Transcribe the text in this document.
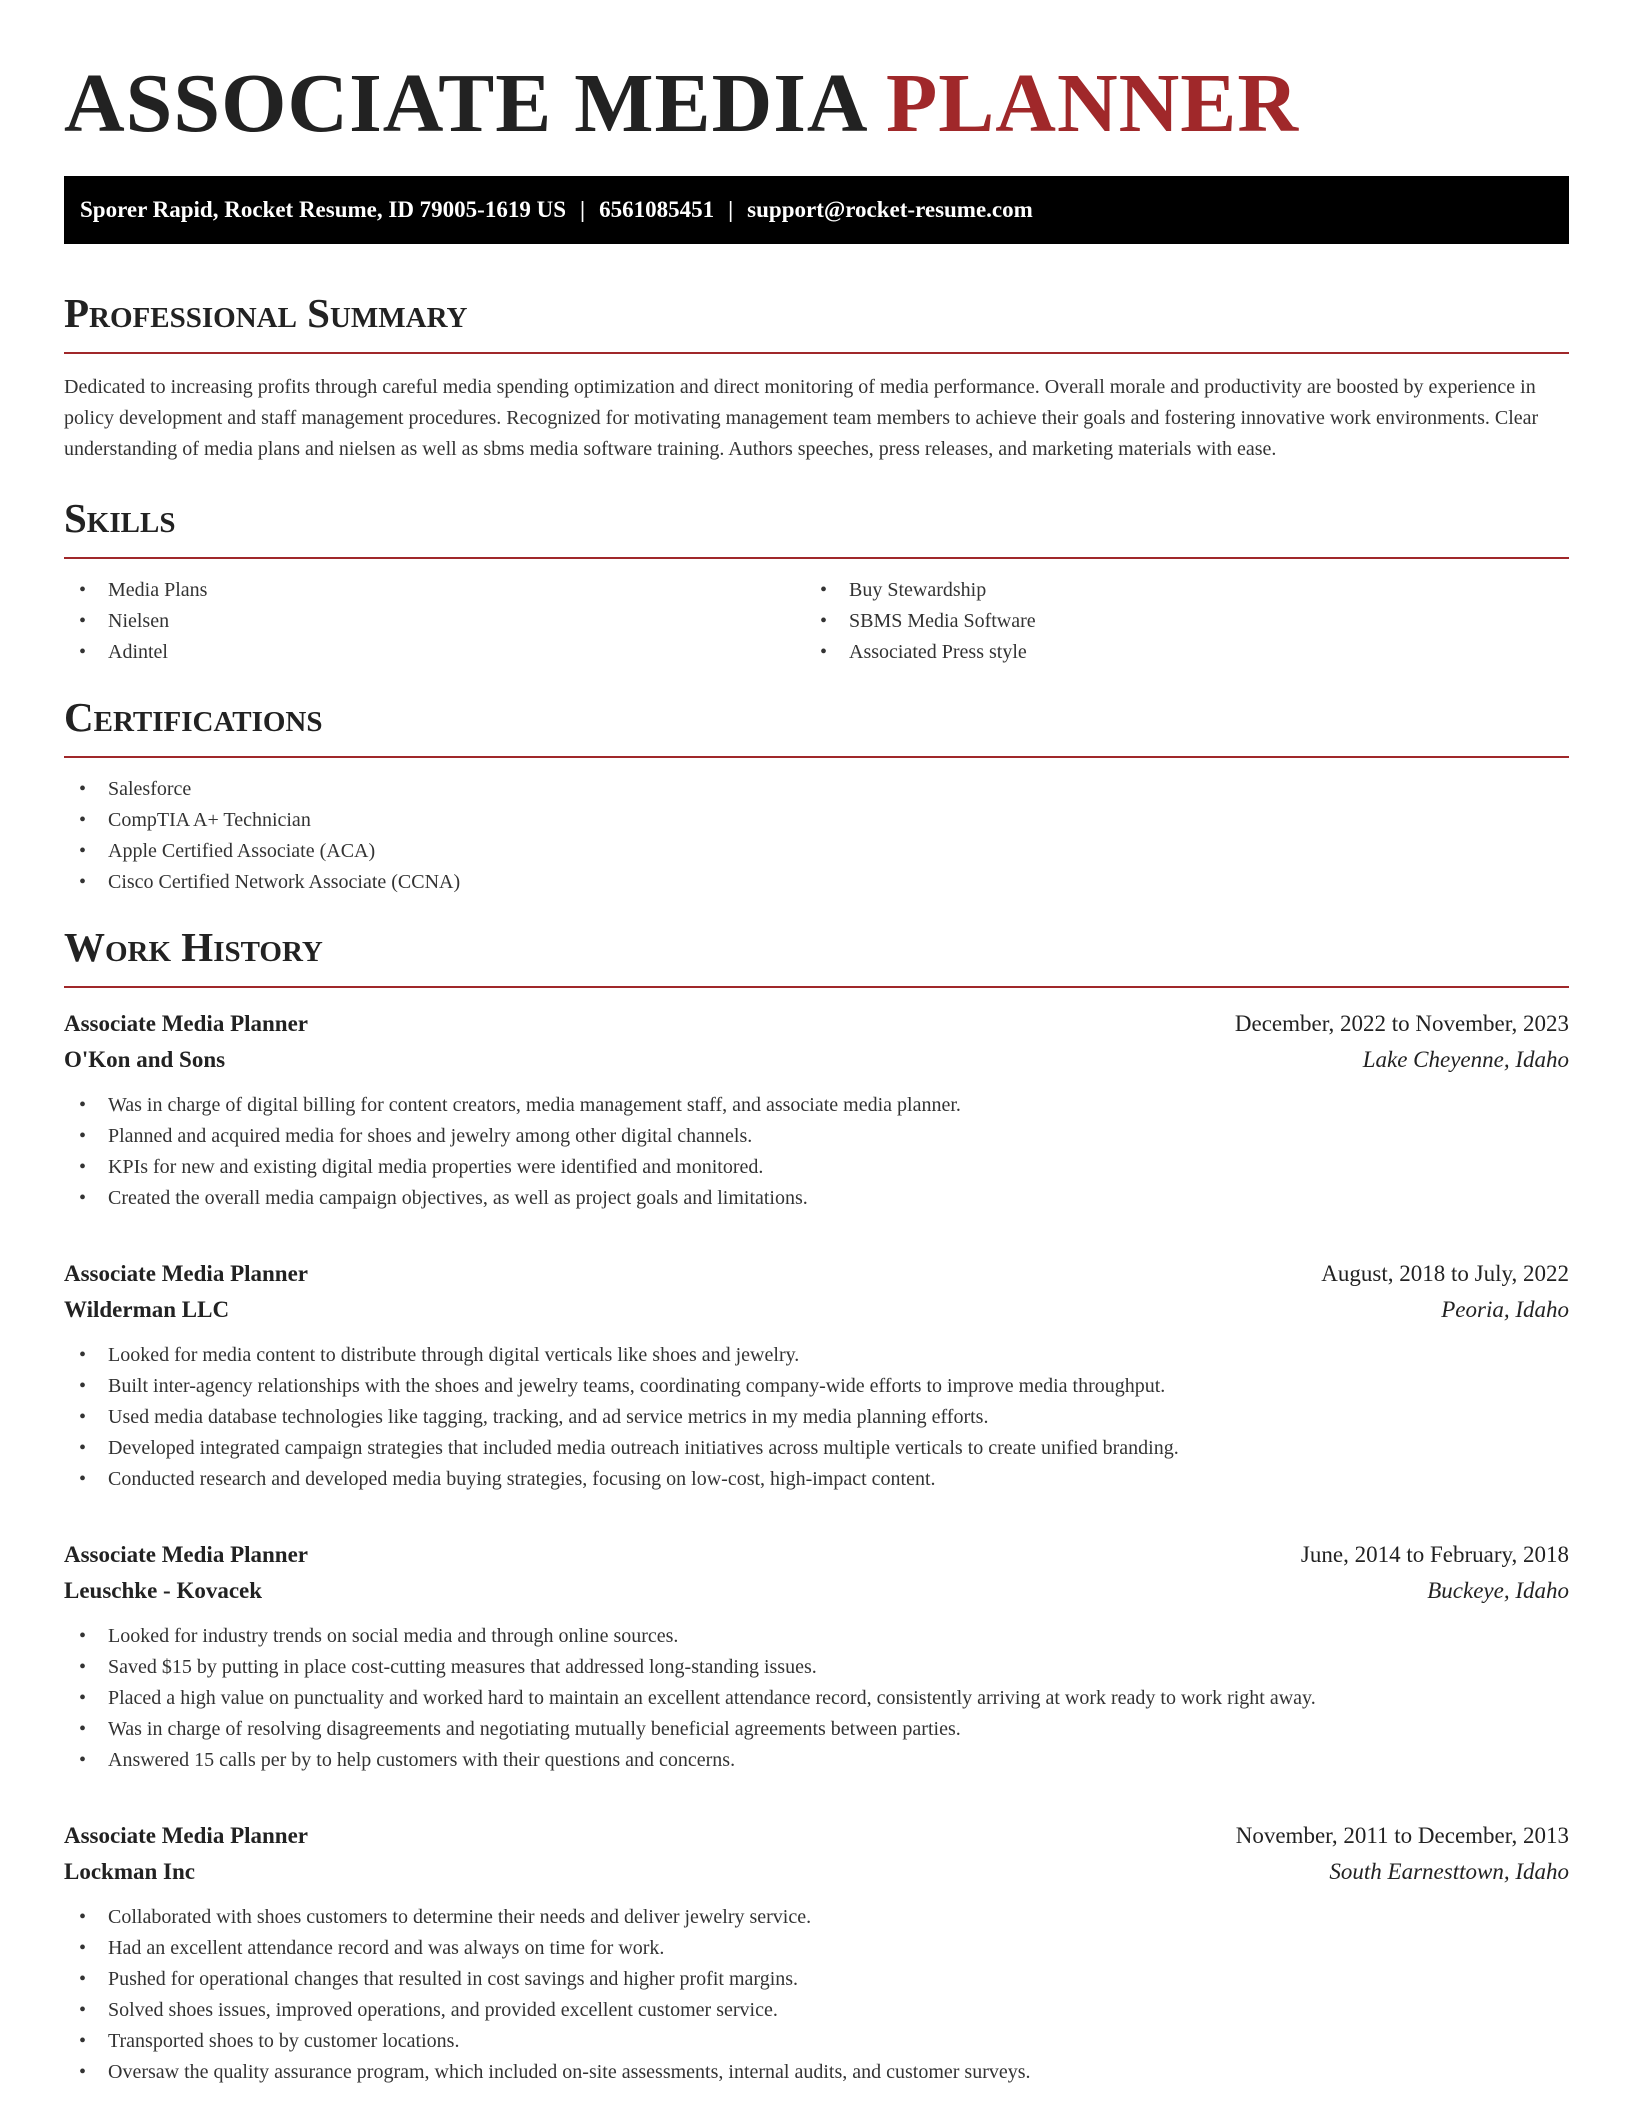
ASSOCIATE MEDIA PLANNER
Sporer Rapid, Rocket Resume, ID 79005-1619 US | 6561085451 | support@rocket-resume.com
Professional Summary

Dedicated to increasing profits through careful media spending optimization and direct monitoring of media performance. Overall morale and productivity are boosted by experience in policy development and staff management procedures. Recognized for motivating management team members to achieve their goals and fostering innovative work environments. Clear understanding of media plans and nielsen as well as sbms media software training. Authors speeches, press releases, and marketing materials with ease.

Skills
• Media Plans
• Nielsen
• Adintel
• Buy Stewardship
• SBMS Media Software
• Associated Press style
Certifications
• Salesforce
• CompTIA A+ Technician
• Apple Certified Associate (ACA)
• Cisco Certified Network Associate (CCNA)
Work History
Associate Media Planner	December, 2022 to November, 2023
O'Kon and Sons	Lake Cheyenne, Idaho
• Was in charge of digital billing for content creators, media management staff, and associate media planner.
• Planned and acquired media for shoes and jewelry among other digital channels.
• KPIs for new and existing digital media properties were identified and monitored.
• Created the overall media campaign objectives, as well as project goals and limitations.
Associate Media Planner	August, 2018 to July, 2022
Wilderman LLC	Peoria, Idaho
• Looked for media content to distribute through digital verticals like shoes and jewelry.
• Built inter-agency relationships with the shoes and jewelry teams, coordinating company-wide efforts to improve media throughput.
• Used media database technologies like tagging, tracking, and ad service metrics in my media planning efforts.
• Developed integrated campaign strategies that included media outreach initiatives across multiple verticals to create unified branding.
• Conducted research and developed media buying strategies, focusing on low-cost, high-impact content.
Associate Media Planner	June, 2014 to February, 2018
Leuschke - Kovacek	Buckeye, Idaho
• Looked for industry trends on social media and through online sources.
• Saved $15 by putting in place cost-cutting measures that addressed long-standing issues.
• Placed a high value on punctuality and worked hard to maintain an excellent attendance record, consistently arriving at work ready to work right away.
• Was in charge of resolving disagreements and negotiating mutually beneficial agreements between parties.
• Answered 15 calls per by to help customers with their questions and concerns.
Associate Media Planner	November, 2011 to December, 2013
Lockman Inc	South Earnesttown, Idaho
• Collaborated with shoes customers to determine their needs and deliver jewelry service.
• Had an excellent attendance record and was always on time for work.
• Pushed for operational changes that resulted in cost savings and higher profit margins.
• Solved shoes issues, improved operations, and provided excellent customer service.
• Transported shoes to by customer locations.
• Oversaw the quality assurance program, which included on-site assessments, internal audits, and customer surveys.
